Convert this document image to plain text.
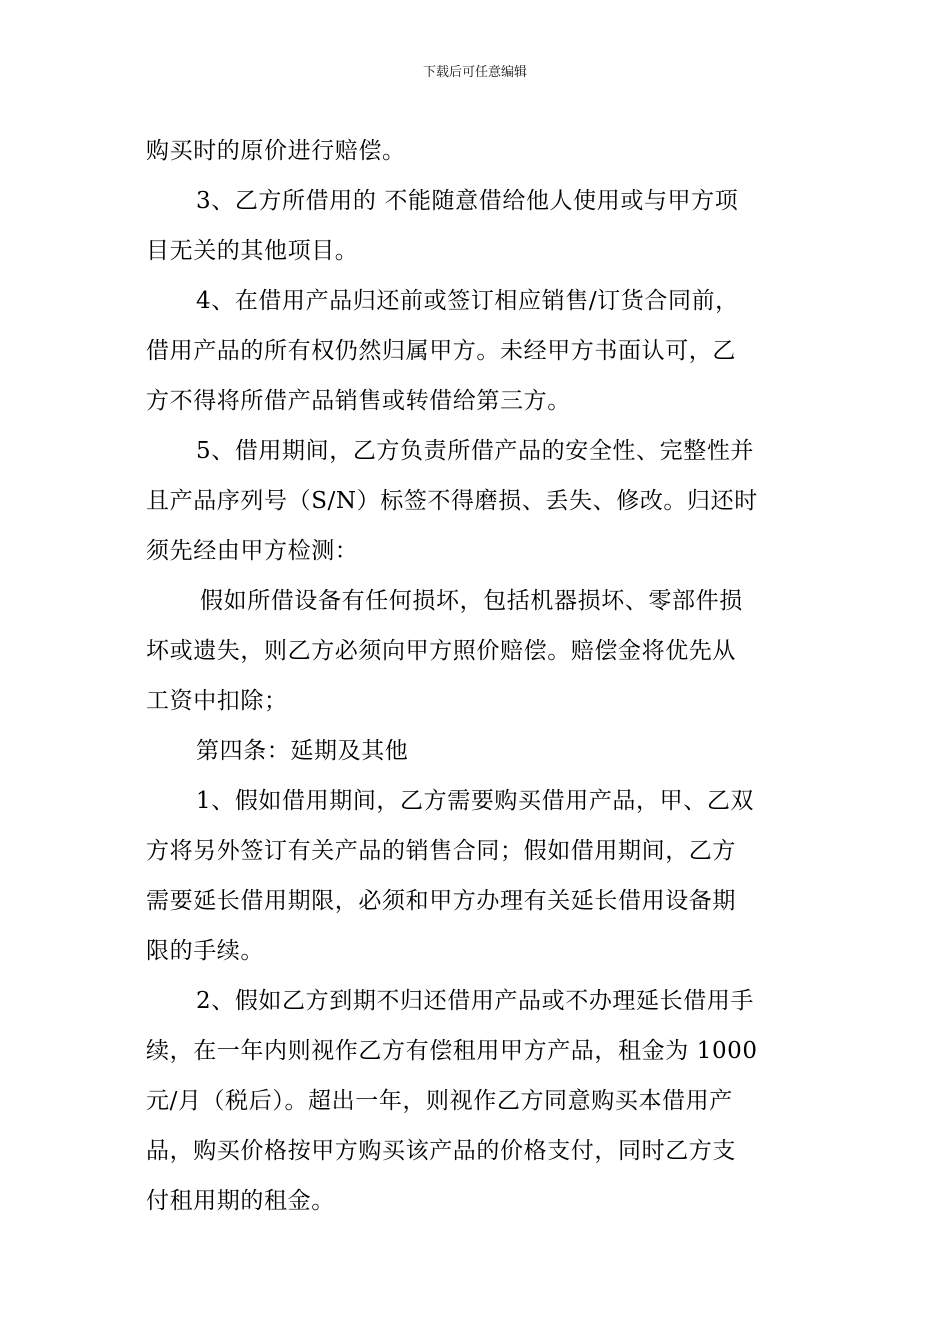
下载后可任意编辑
购买时的原价进行赔偿。
3、乙方所借用的 不能随意借给他人使用或与甲方项
目无关的其他项目。
4、在借用产品归还前或签订相应销售/订货合同前，
借用产品的所有权仍然归属甲方。未经甲方书面认可，乙
方不得将所借产品销售或转借给第三方。
5、借用期间，乙方负责所借产品的安全性、完整性并
且产品序列号（S/N）标签不得磨损、丢失、修改。归还时
须先经由甲方检测：
假如所借设备有任何损坏，包括机器损坏、零部件损
坏或遗失，则乙方必须向甲方照价赔偿。赔偿金将优先从
工资中扣除；
第四条：延期及其他
1、假如借用期间，乙方需要购买借用产品，甲、乙双
方将另外签订有关产品的销售合同；假如借用期间，乙方
需要延长借用期限，必须和甲方办理有关延长借用设备期
限的手续。
2、假如乙方到期不归还借用产品或不办理延长借用手
续，在一年内则视作乙方有偿租用甲方产品，租金为 1000
元/月（税后）。超出一年，则视作乙方同意购买本借用产
品，购买价格按甲方购买该产品的价格支付，同时乙方支
付租用期的租金。
